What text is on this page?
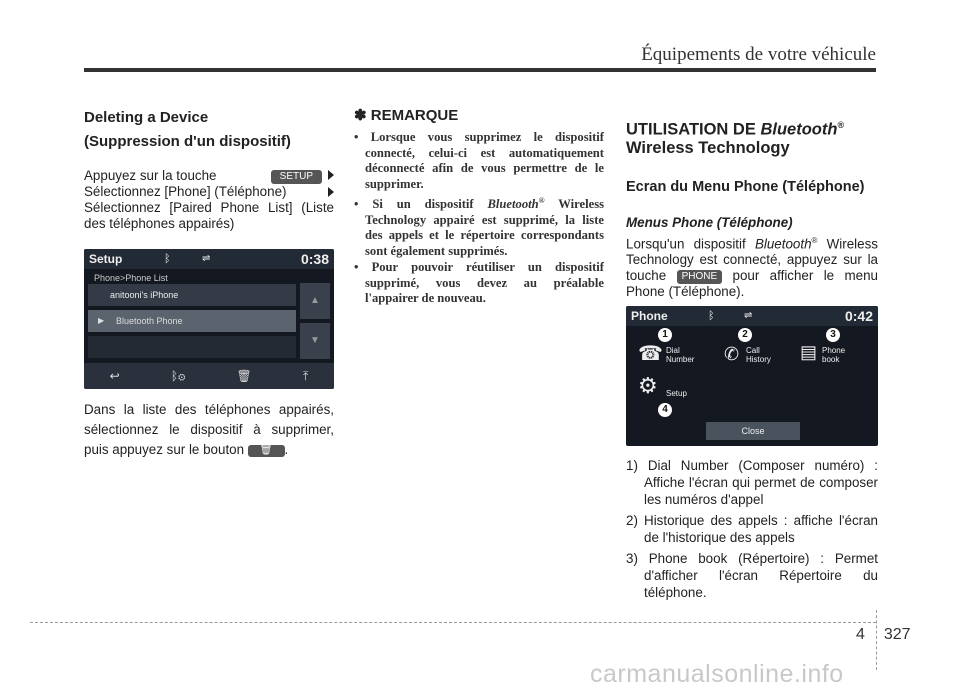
Équipements de votre véhicule
Deleting a Device
(Suppression d'un dispositif)
Appuyez sur la touche	SETUP
Sélectionnez [Phone] (Téléphone)
Sélectionnez [Paired Phone List] (Liste des téléphones appairés)
Setup	ᛒ	⇌	0:38
Phone>Phone List
anitooni's iPhone
▶ Bluetooth Phone
▲
▼
↩	ᛒ⚙	🗑	⤒
Dans la liste des téléphones appairés, sélectionnez le dispositif à supprimer, puis appuyez sur le bouton 🗑 .
✽ REMARQUE
• Lorsque vous supprimez le dispositif connecté, celui-ci est automatiquement déconnecté afin de vous permettre de le supprimer.
• Si un dispositif Bluetooth® Wireless Technology appairé est supprimé, la liste des appels et le répertoire correspondants sont également supprimés.
• Pour pouvoir réutiliser un dispositif supprimé, vous devez au préalable l'appairer de nouveau.
UTILISATION DE Bluetooth®
Wireless Technology
Ecran du Menu Phone (Téléphone)
Menus Phone (Téléphone)
Lorsqu'un dispositif Bluetooth® Wireless Technology est connecté, appuyez sur la touche PHONE pour afficher le menu Phone (Téléphone).
Phone	ᛒ	⇌	0:42
1	2	3
☎ Dial Number	✆ Call History	▤ Phone book
⚙ Setup
4
Close
1) Dial Number (Composer numéro) : Affiche l'écran qui permet de composer les numéros d'appel
2) Historique des appels : affiche l'écran de l'historique des appels
3) Phone book (Répertoire) : Permet d'afficher l'écran Répertoire du téléphone.
4 327
carmanualsonline.info
